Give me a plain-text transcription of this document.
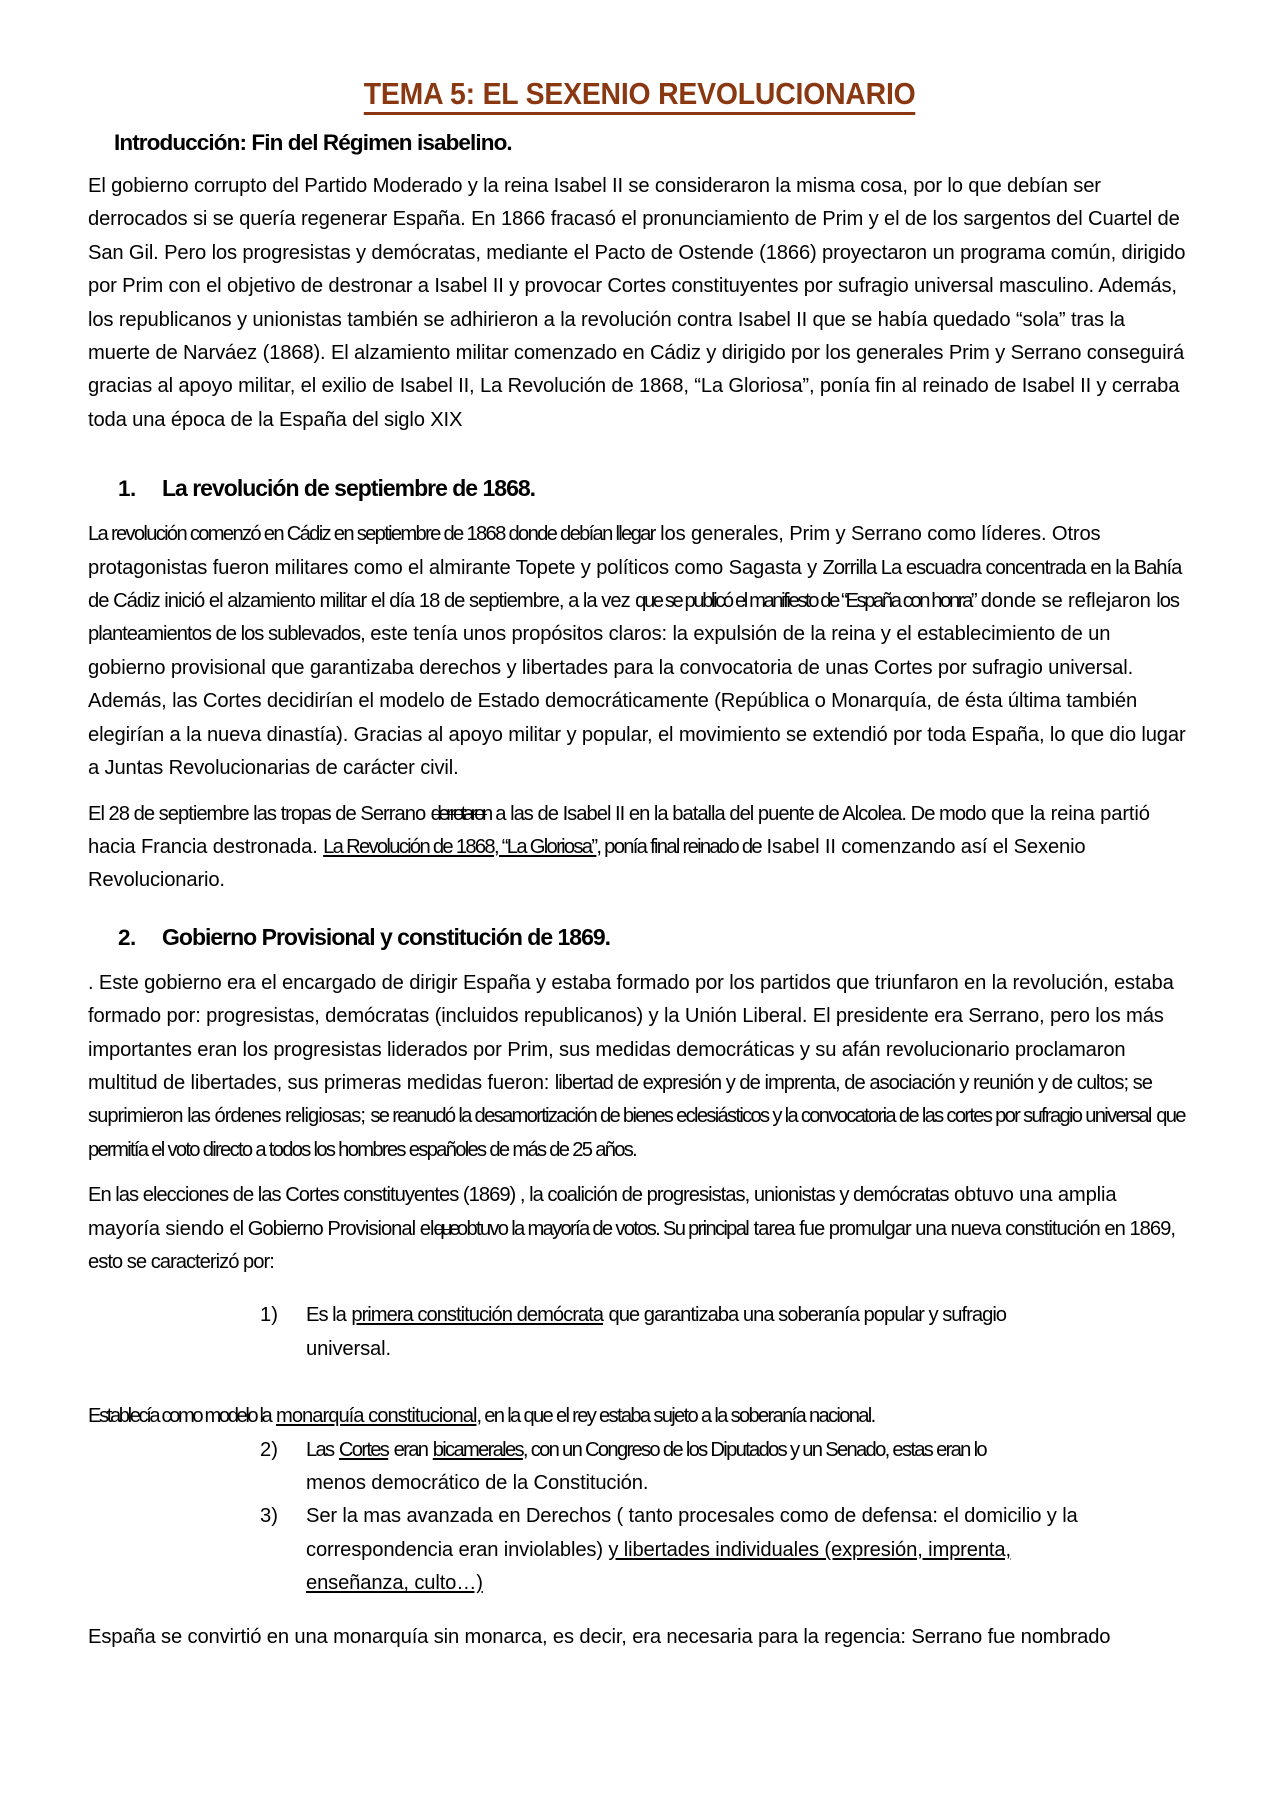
TEMA 5: EL SEXENIO REVOLUCIONARIO
Introducción: Fin del Régimen isabelino.

El gobierno corrupto del Partido Moderado y la reina Isabel II se consideraron la misma cosa, por lo que debían ser derrocados si se quería regenerar España. En 1866 fracasó el pronunciamiento de Prim y el de los sargentos del Cuartel de San Gil. Pero los progresistas y demócratas, mediante el Pacto de Ostende (1866) proyectaron un programa común, dirigido por Prim con el objetivo de destronar a Isabel II y provocar Cortes constituyentes por sufragio universal masculino. Además, los republicanos y unionistas también se adhirieron a la revolución contra Isabel II que se había quedado “sola” tras la muerte de Narváez (1868). El alzamiento militar comenzado en Cádiz y dirigido por los generales Prim y Serrano conseguirá gracias al apoyo militar, el exilio de Isabel II, La Revolución de 1868, “La Gloriosa”, ponía fin al reinado de Isabel II y cerraba toda una época de la España del siglo XIX

1.	La revolución de septiembre de 1868.

La revolución comenzó en Cádiz en septiembre de 1868 donde debían llegar los generales, Prim y Serrano como líderes. Otros protagonistas fueron militares como el almirante Topete y políticos como Sagasta y Zorrilla La escuadra concentrada en la Bahía de Cádiz inició el alzamiento militar el día 18 de septiembre, a la vez que se publicó el manifiesto de “España con honra” donde se reflejaron los planteamientos de los sublevados, este tenía unos propósitos claros: la expulsión de la reina y el establecimiento de un gobierno provisional que garantizaba derechos y libertades para la convocatoria de unas Cortes por sufragio universal. Además, las Cortes decidirían el modelo de Estado democráticamente (República o Monarquía, de ésta última también elegirían a la nueva dinastía). Gracias al apoyo militar y popular, el movimiento se extendió por toda España, lo que dio lugar a Juntas Revolucionarias de carácter civil.

El 28 de septiembre las tropas de Serrano derrotaron a las de Isabel II en la batalla del puente de Alcolea. De modo que la reina partió hacia Francia destronada. La Revolución de 1868, “La Gloriosa”, ponía final reinado de Isabel II comenzando así el Sexenio Revolucionario.

2.	Gobierno Provisional y constitución de 1869.

. Este gobierno era el encargado de dirigir España y estaba formado por los partidos que triunfaron en la revolución, estaba formado por: progresistas, demócratas (incluidos republicanos) y la Unión Liberal. El presidente era Serrano, pero los más importantes eran los progresistas liderados por Prim, sus medidas democráticas y su afán revolucionario proclamaron multitud de libertades, sus primeras medidas fueron: libertad de expresión y de imprenta, de asociación y reunión y de cultos; se suprimieron las órdenes religiosas; se reanudó la desamortización de bienes eclesiásticos y la convocatoria de las cortes por sufragio universal que permitía el voto directo a todos los hombres españoles de más de 25 años.

En las elecciones de las Cortes constituyentes (1869) , la coalición de progresistas, unionistas y demócratas obtuvo una amplia mayoría siendo el Gobierno Provisional elqueobtuvo la mayoría de votos. Su principal tarea fue promulgar una nueva constitución en 1869, esto se caracterizó por:

1)	Es la primera constitución demócrata que garantizaba una soberanía popular y sufragio
universal.

Establecía como modelo la monarquía constitucional, en la que el rey estaba sujeto a la soberanía nacional.

2)	Las Cortes eran bicamerales, con un Congreso de los Diputados y un Senado, estas eran lo
menos democrático de la Constitución.
3)	Ser la mas avanzada en Derechos ( tanto procesales como de defensa: el domicilio y la
correspondencia eran inviolables) y libertades individuales (expresión, imprenta,
enseñanza, culto…)

España se convirtió en una monarquía sin monarca, es decir, era necesaria para la regencia: Serrano fue nombrado
